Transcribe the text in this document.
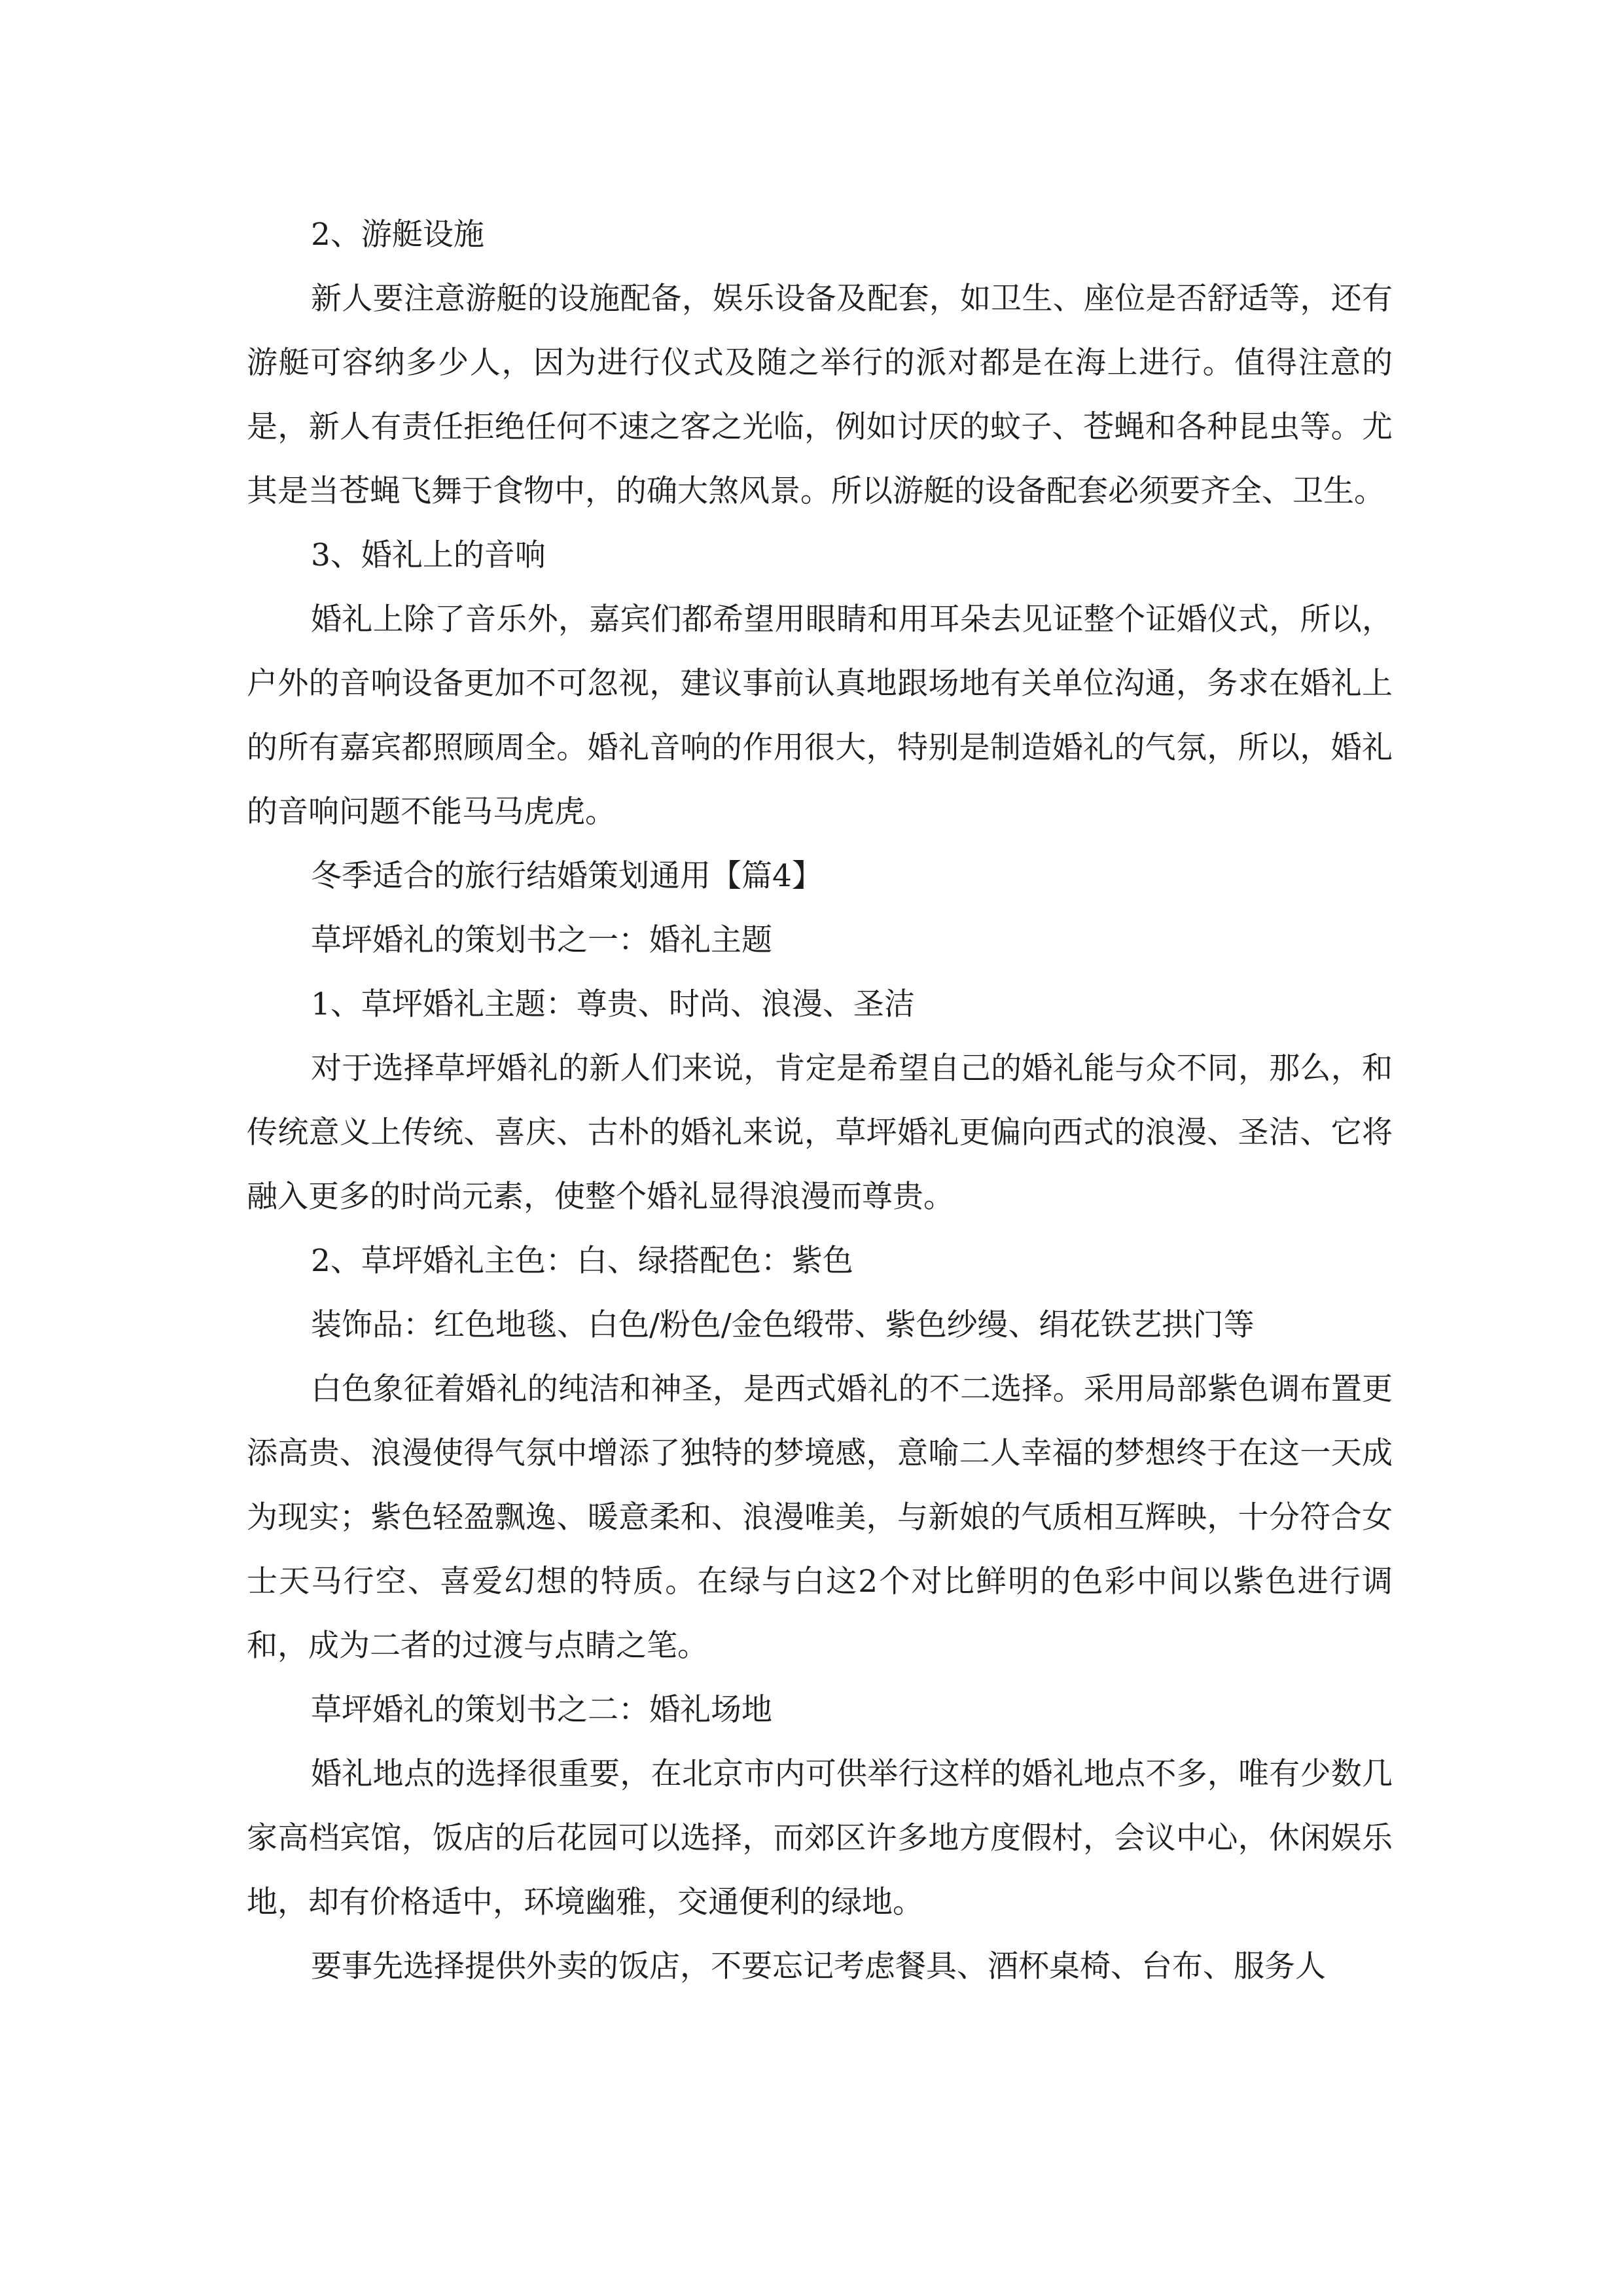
2、游艇设施
新人要注意游艇的设施配备，娱乐设备及配套，如卫生、座位是否舒适等，还有游艇可容纳多少人，因为进行仪式及随之举行的派对都是在海上进行。值得注意的是，新人有责任拒绝任何不速之客之光临，例如讨厌的蚊子、苍蝇和各种昆虫等。尤其是当苍蝇飞舞于食物中，的确大煞风景。所以游艇的设备配套必须要齐全、卫生。
3、婚礼上的音响
婚礼上除了音乐外，嘉宾们都希望用眼睛和用耳朵去见证整个证婚仪式，所以，户外的音响设备更加不可忽视，建议事前认真地跟场地有关单位沟通，务求在婚礼上的所有嘉宾都照顾周全。婚礼音响的作用很大，特别是制造婚礼的气氛，所以，婚礼的音响问题不能马马虎虎。
冬季适合的旅行结婚策划通用【篇4】
草坪婚礼的策划书之一：婚礼主题
1、草坪婚礼主题：尊贵、时尚、浪漫、圣洁
对于选择草坪婚礼的新人们来说，肯定是希望自己的婚礼能与众不同，那么，和传统意义上传统、喜庆、古朴的婚礼来说，草坪婚礼更偏向西式的浪漫、圣洁、它将融入更多的时尚元素，使整个婚礼显得浪漫而尊贵。
2、草坪婚礼主色：白、绿搭配色：紫色
装饰品：红色地毯、白色/粉色/金色缎带、紫色纱缦、绢花铁艺拱门等
白色象征着婚礼的纯洁和神圣，是西式婚礼的不二选择。采用局部紫色调布置更添高贵、浪漫使得气氛中增添了独特的梦境感，意喻二人幸福的梦想终于在这一天成为现实；紫色轻盈飘逸、暖意柔和、浪漫唯美，与新娘的气质相互辉映，十分符合女士天马行空、喜爱幻想的特质。在绿与白这2个对比鲜明的色彩中间以紫色进行调和，成为二者的过渡与点睛之笔。
草坪婚礼的策划书之二：婚礼场地
婚礼地点的选择很重要，在北京市内可供举行这样的婚礼地点不多，唯有少数几家高档宾馆，饭店的后花园可以选择，而郊区许多地方度假村，会议中心，休闲娱乐地，却有价格适中，环境幽雅，交通便利的绿地。
要事先选择提供外卖的饭店，不要忘记考虑餐具、酒杯桌椅、台布、服务人
